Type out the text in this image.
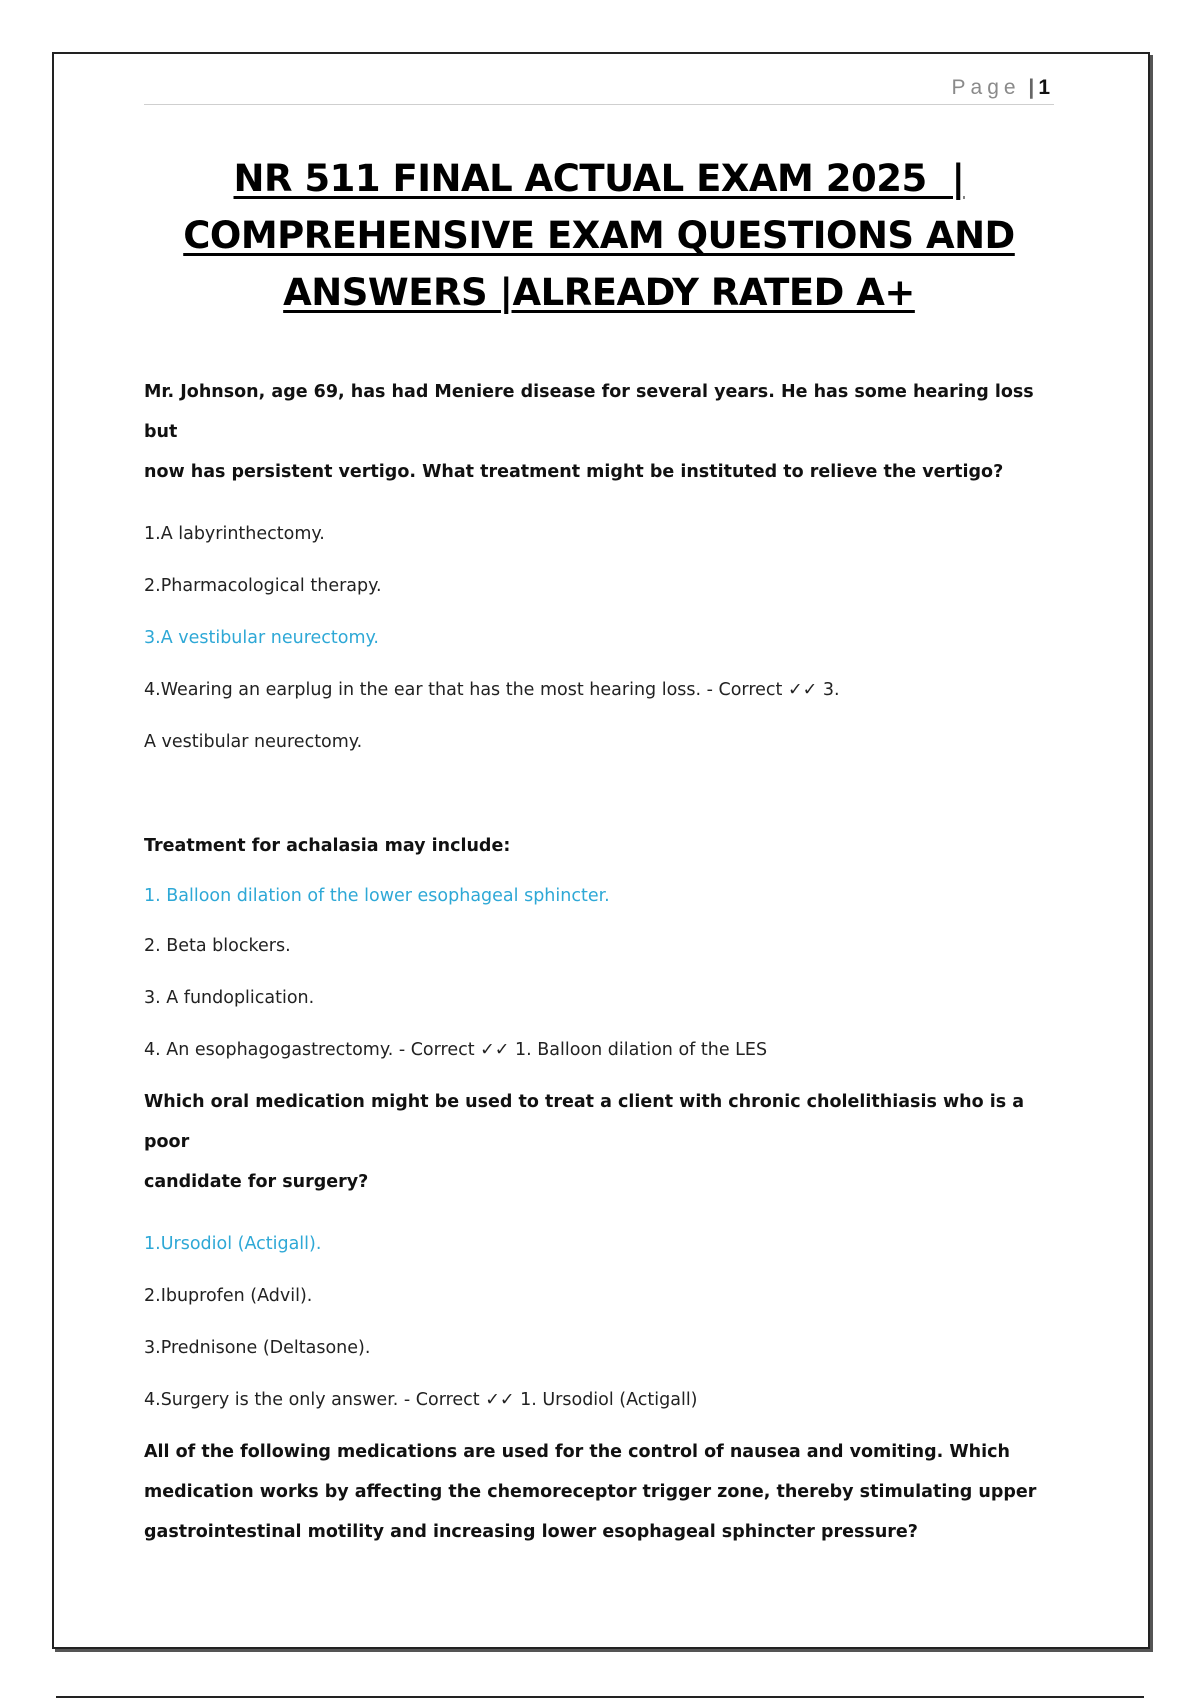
Page | 1
NR 511 FINAL ACTUAL EXAM 2025  |
COMPREHENSIVE EXAM QUESTIONS AND
ANSWERS |ALREADY RATED A+

Mr. Johnson, age 69, has had Meniere disease for several years. He has some hearing loss but

now has persistent vertigo. What treatment might be instituted to relieve the vertigo?

1.A labyrinthectomy.

2.Pharmacological therapy.

3.A vestibular neurectomy.

4.Wearing an earplug in the ear that has the most hearing loss. - Correct ✓✓ 3.

A vestibular neurectomy.

Treatment for achalasia may include:

1. Balloon dilation of the lower esophageal sphincter.

2. Beta blockers.

3. A fundoplication.

4. An esophagogastrectomy. - Correct ✓✓ 1. Balloon dilation of the LES

Which oral medication might be used to treat a client with chronic cholelithiasis who is a poor

candidate for surgery?

1.Ursodiol (Actigall).

2.Ibuprofen (Advil).

3.Prednisone (Deltasone).

4.Surgery is the only answer. - Correct ✓✓ 1. Ursodiol (Actigall)

All of the following medications are used for the control of nausea and vomiting. Which

medication works by affecting the chemoreceptor trigger zone, thereby stimulating upper

gastrointestinal motility and increasing lower esophageal sphincter pressure?
